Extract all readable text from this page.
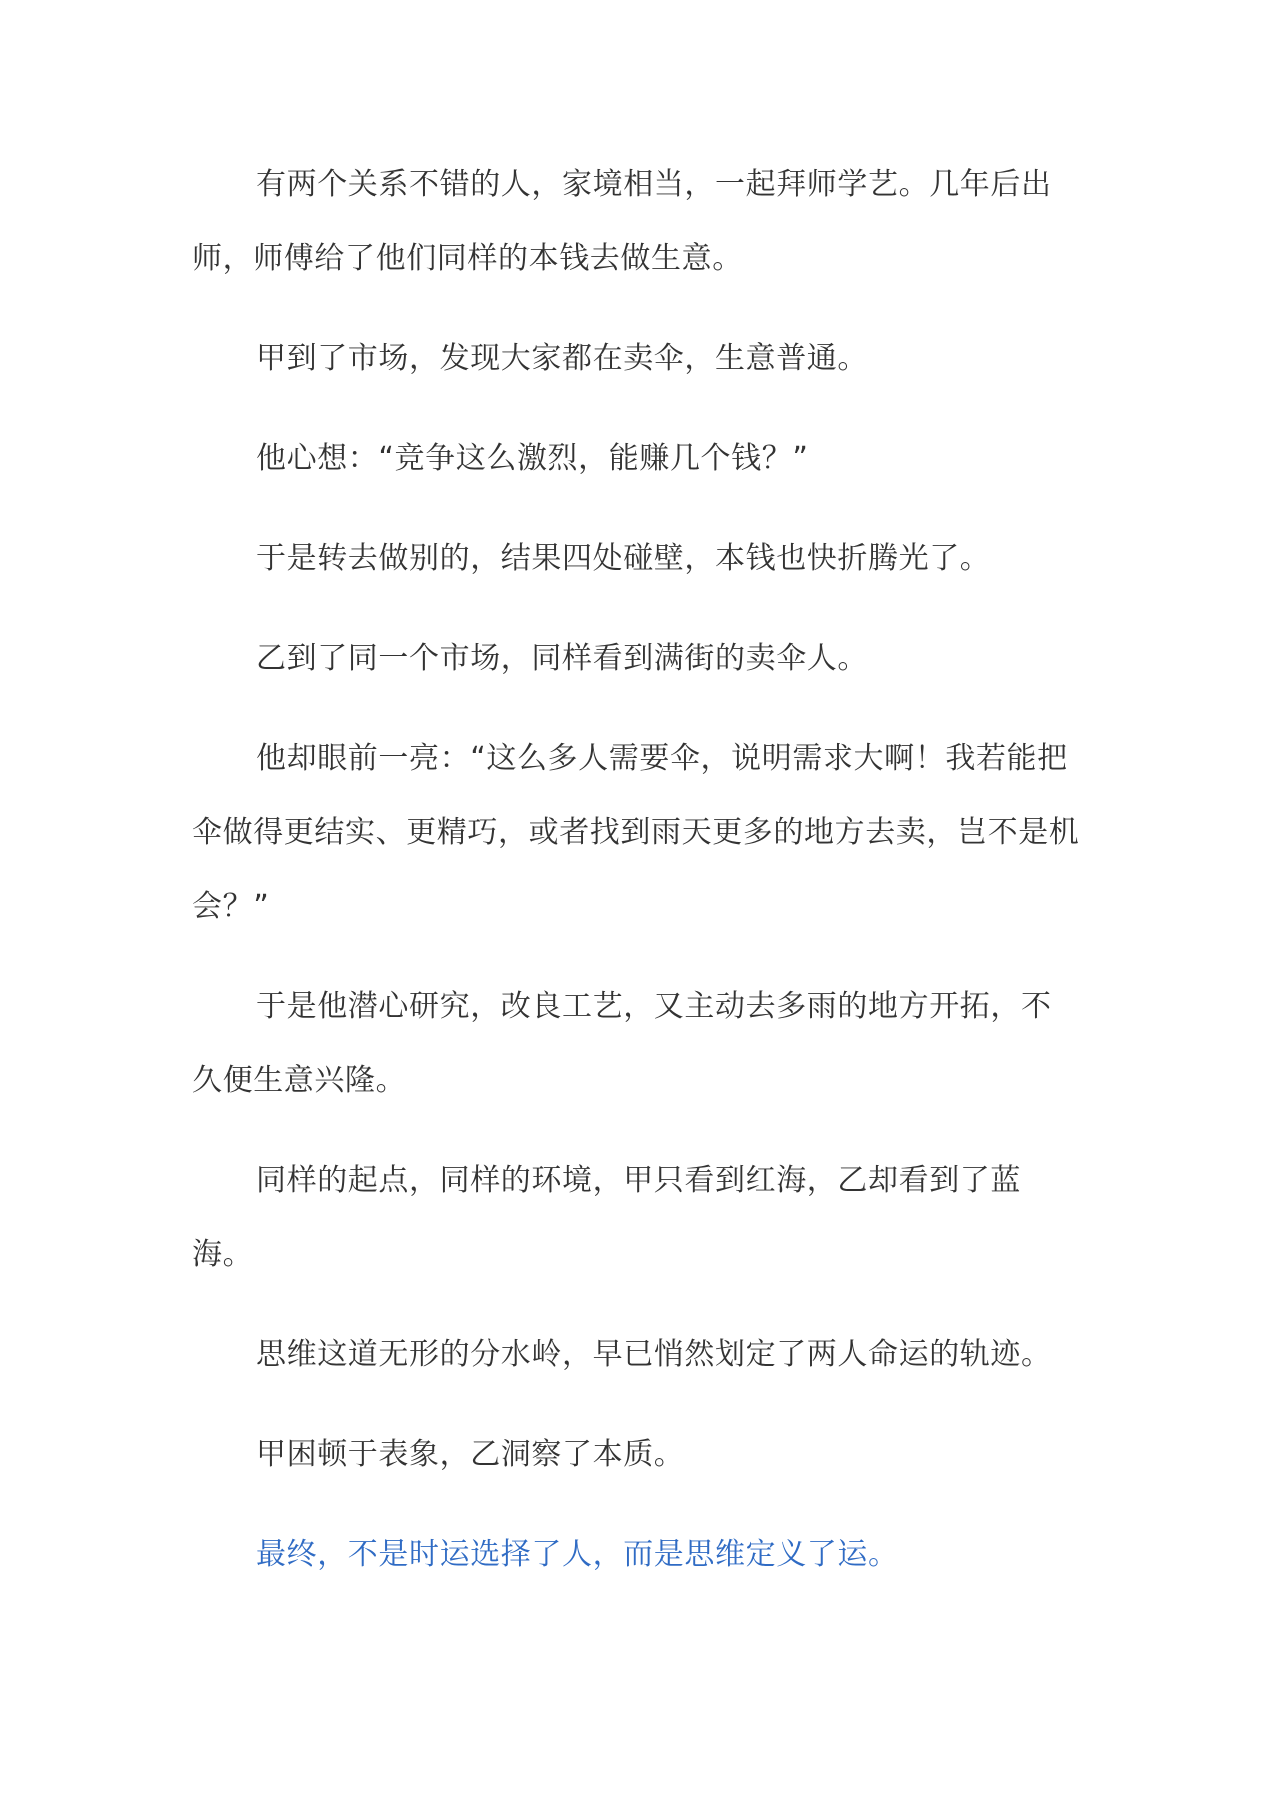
有两个关系不错的人，家境相当，一起拜师学艺。几年后出师，师傅给了他们同样的本钱去做生意。

甲到了市场，发现大家都在卖伞，生意普通。

他心想：“竞争这么激烈，能赚几个钱？”

于是转去做别的，结果四处碰壁，本钱也快折腾光了。

乙到了同一个市场，同样看到满街的卖伞人。

他却眼前一亮：“这么多人需要伞，说明需求大啊！我若能把伞做得更结实、更精巧，或者找到雨天更多的地方去卖，岂不是机会？”

于是他潜心研究，改良工艺，又主动去多雨的地方开拓，不久便生意兴隆。

同样的起点，同样的环境，甲只看到红海，乙却看到了蓝海。

思维这道无形的分水岭，早已悄然划定了两人命运的轨迹。

甲困顿于表象，乙洞察了本质。

最终，不是时运选择了人，而是思维定义了运。
